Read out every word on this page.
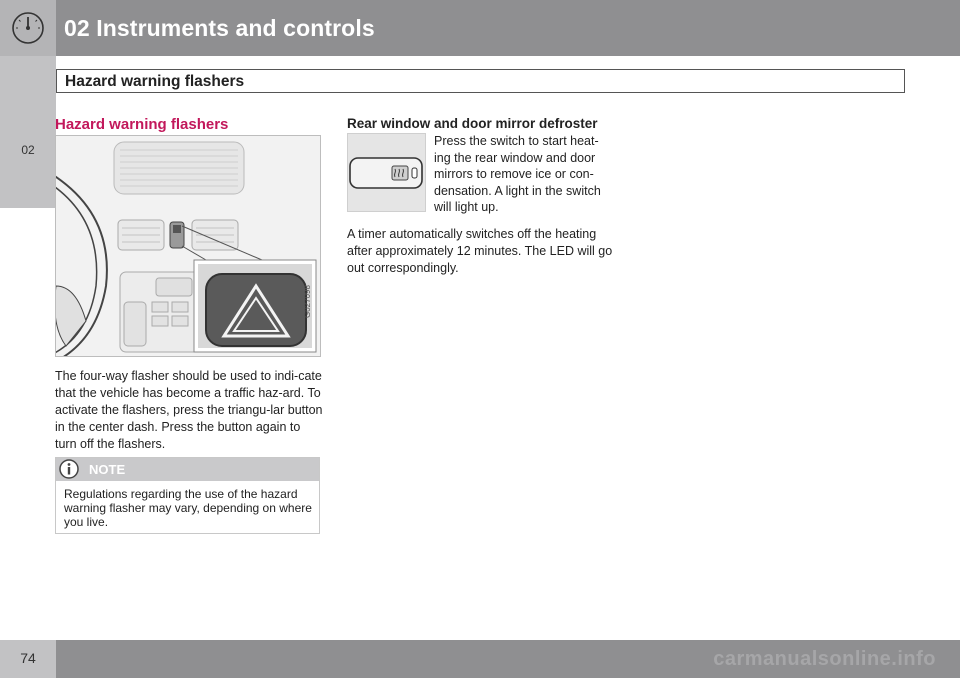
02
02 Instruments and controls
Hazard warning flashers
Hazard warning flashers
G027098
The four-way flasher should be used to indi-cate that the vehicle has become a traffic haz-ard. To activate the flashers, press the triangu-lar button in the center dash. Press the button again to turn off the flashers.
NOTE
Regulations regarding the use of the hazard warning flasher may vary, depending on where you live.
Rear window and door mirror defroster
Press the switch to start heat-ing the rear window and door mirrors to remove ice or con-densation. A light in the switch will light up.
A timer automatically switches off the heating after approximately 12 minutes. The LED will go out correspondingly.
74	carmanualsonline.info
